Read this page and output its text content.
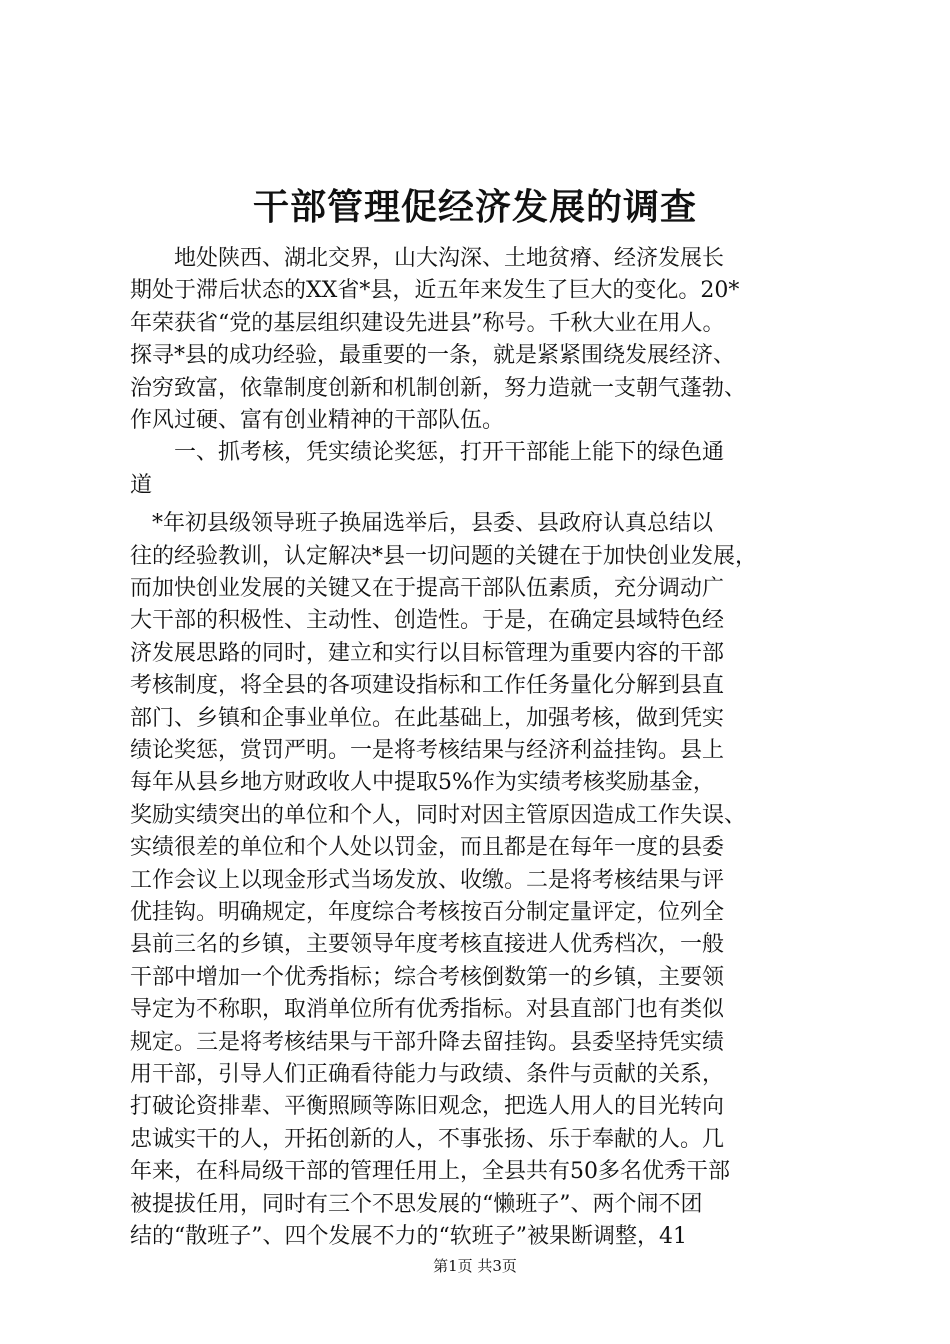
干部管理促经济发展的调查

　　地处陕西、湖北交界，山大沟深、土地贫瘠、经济发展长

期处于滞后状态的XX省*县，近五年来发生了巨大的变化。20*

年荣获省“党的基层组织建设先进县”称号。千秋大业在用人。

探寻*县的成功经验，最重要的一条，就是紧紧围绕发展经济、

治穷致富，依靠制度创新和机制创新，努力造就一支朝气蓬勃、

作风过硬、富有创业精神的干部队伍。

　　一、抓考核，凭实绩论奖惩，打开干部能上能下的绿色通

道

　*年初县级领导班子换届选举后，县委、县政府认真总结以

往的经验教训，认定解决*县一切问题的关键在于加快创业发展，

而加快创业发展的关键又在于提高干部队伍素质，充分调动广

大干部的积极性、主动性、创造性。于是，在确定县域特色经

济发展思路的同时，建立和实行以目标管理为重要内容的干部

考核制度，将全县的各项建设指标和工作任务量化分解到县直

部门、乡镇和企事业单位。在此基础上，加强考核，做到凭实

绩论奖惩，赏罚严明。一是将考核结果与经济利益挂钩。县上

每年从县乡地方财政收人中提取5%作为实绩考核奖励基金，

奖励实绩突出的单位和个人，同时对因主管原因造成工作失误、

实绩很差的单位和个人处以罚金，而且都是在每年一度的县委

工作会议上以现金形式当场发放、收缴。二是将考核结果与评

优挂钩。明确规定，年度综合考核按百分制定量评定，位列全

县前三名的乡镇，主要领导年度考核直接进人优秀档次，一般

干部中增加一个优秀指标；综合考核倒数第一的乡镇，主要领

导定为不称职，取消单位所有优秀指标。对县直部门也有类似

规定。三是将考核结果与干部升降去留挂钩。县委坚持凭实绩

用干部，引导人们正确看待能力与政绩、条件与贡献的关系，

打破论资排辈、平衡照顾等陈旧观念，把选人用人的目光转向

忠诚实干的人，开拓创新的人，不事张扬、乐于奉献的人。几

年来，在科局级干部的管理任用上，全县共有50多名优秀干部

被提拔任用，同时有三个不思发展的“懒班子”、两个闹不团

结的“散班子”、四个发展不力的“软班子”被果断调整，41

第1页 共3页
